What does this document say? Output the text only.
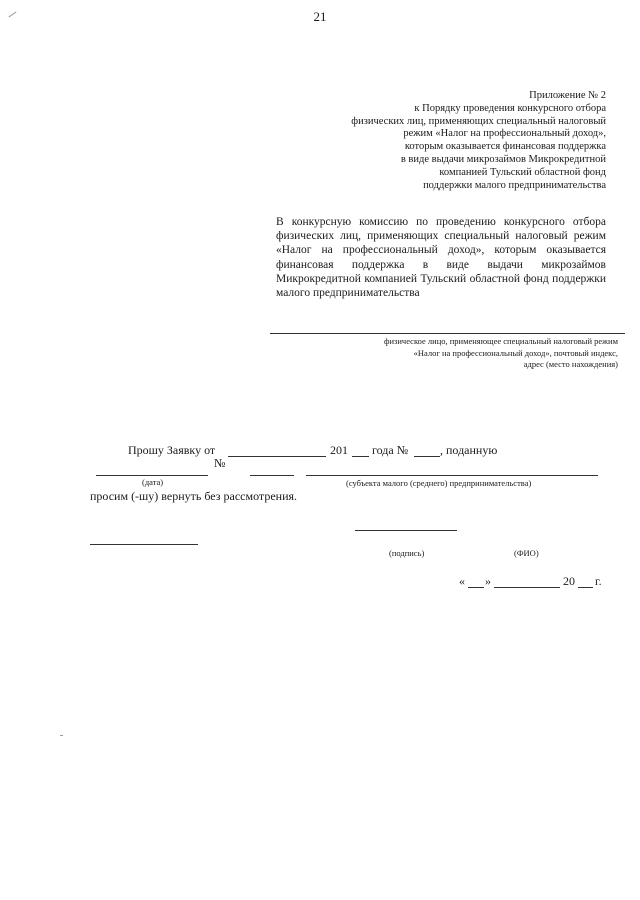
21
Приложение № 2
к Порядку проведения конкурсного отбора
физических лиц, применяющих специальный налоговый
режим «Налог на профессиональный доход»,
которым оказывается финансовая поддержка
в виде выдачи микрозаймов Микрокредитной
компанией Тульский областной фонд
поддержки малого предпринимательства
В конкурсную комиссию по проведению конкурсного отбора физических лиц, применяющих специальный налоговый режим «Налог на профессиональный доход», которым оказывается финансовая поддержка в виде выдачи микрозаймов Микрокредитной компанией Тульский областной фонд поддержки малого предпринимательства
физическое лицо, применяющее специальный налоговый режим
«Налог на профессиональный доход», почтовый индекс,
адрес (место нахождения)
Прошу Заявку от	201 года №	, поданную
№
(дата)	(субъекта малого (среднего) предпринимательства)
просим (-шу) вернуть без рассмотрения.
(подпись)	(ФИО)
« »	20 г.
